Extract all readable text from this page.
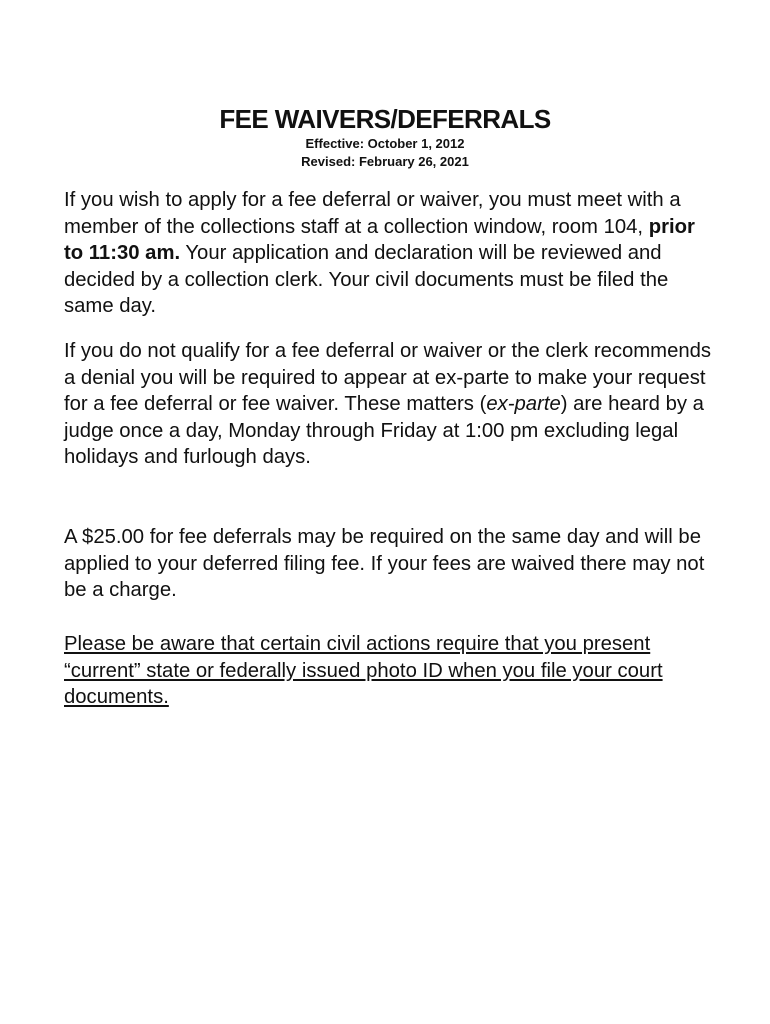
FEE WAIVERS/DEFERRALS

Effective: October 1, 2012

Revised: February 26, 2021

If you wish to apply for a fee deferral or waiver, you must meet with a member of the collections staff at a collection window, room 104, prior to 11:30 am. Your application and declaration will be reviewed and decided by a collection clerk. Your civil documents must be filed the same day.

If you do not qualify for a fee deferral or waiver or the clerk recommends a denial you will be required to appear at ex-parte to make your request for a fee deferral or fee waiver. These matters (ex-parte) are heard by a judge once a day, Monday through Friday at 1:00 pm excluding legal holidays and furlough days.

A $25.00 for fee deferrals may be required on the same day and will be applied to your deferred filing fee. If your fees are waived there may not be a charge.

Please be aware that certain civil actions require that you present “current” state or federally issued photo ID when you file your court documents.
